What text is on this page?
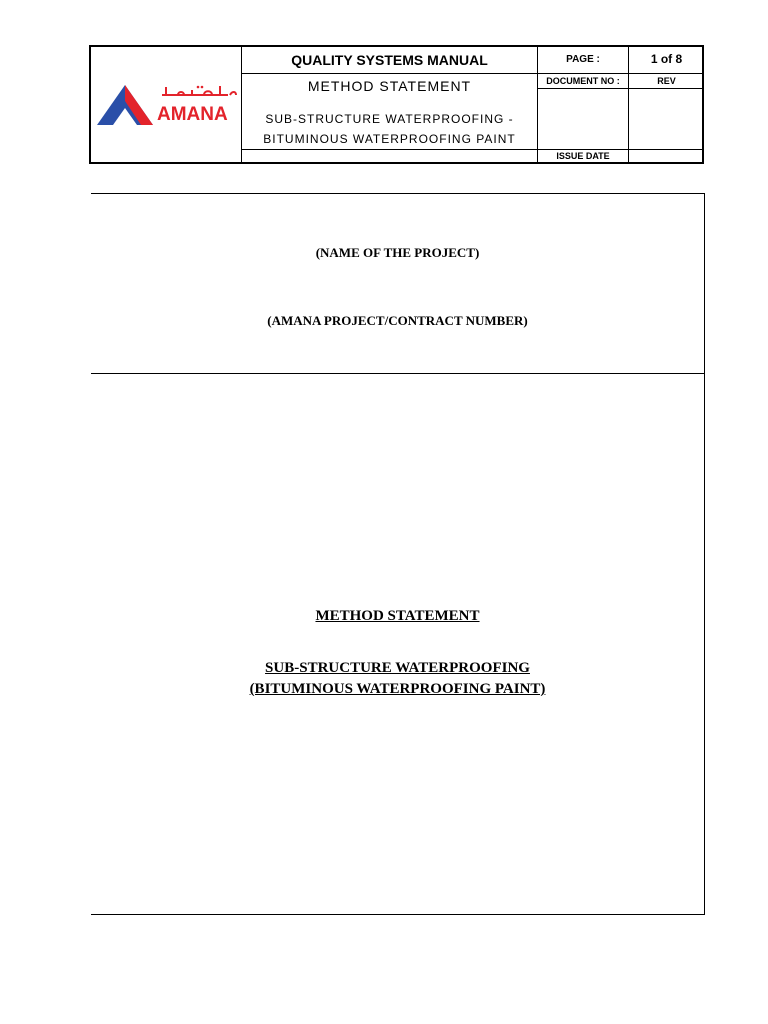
AMANA
QUALITY SYSTEMS MANUAL
METHOD STATEMENT
SUB-STRUCTURE WATERPROOFING -
BITUMINOUS WATERPROOFING PAINT
PAGE :	1 of 8
DOCUMENT NO :	REV
ISSUE DATE
(NAME OF THE PROJECT)
(AMANA PROJECT/CONTRACT NUMBER)
METHOD STATEMENT
SUB-STRUCTURE WATERPROOFING
(BITUMINOUS WATERPROOFING PAINT)
